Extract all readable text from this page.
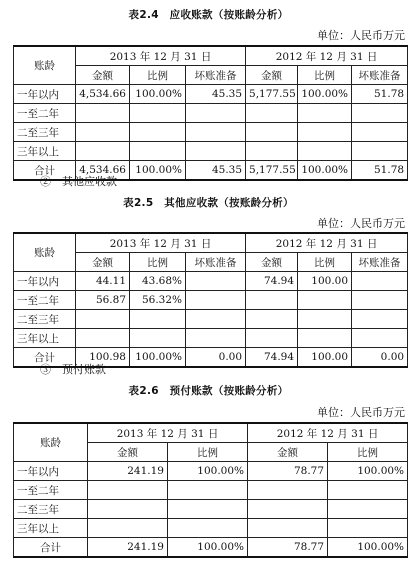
表2.4　应收账款（按账龄分析）
单位：人民币万元
账龄	2013 年 12 月 31 日			2012 年 12 月 31 日		
	金额	比例	坏账准备	金额	比例	坏账准备
一年以内	4,534.66	100.00%	45.35	5,177.55	100.00%	51.78
一至二年						
二至三年						
三年以上						
合计	4,534.66	100.00%	45.35	5,177.55	100.00%	51.78
②　其他应收款
表2.5　其他应收款（按账龄分析）
单位：人民币万元
账龄	2013 年 12 月 31 日			2012 年 12 月 31 日		
	金额	比例	坏账准备	金额	比例	坏账准备
一年以内	44.11	43.68%		74.94	100.00	
一至二年	56.87	56.32%				
二至三年						
三年以上						
合计	100.98	100.00%	0.00	74.94	100.00	0.00
③　预付账款
表2.6　预付账款（按账龄分析）
单位：人民币万元
账龄	2013 年 12 月 31 日		2012 年 12 月 31 日	
	金额	比例	金额	比例
一年以内	241.19	100.00%	78.77	100.00%
一至二年				
二至三年				
三年以上				
合计	241.19	100.00%	78.77	100.00%
